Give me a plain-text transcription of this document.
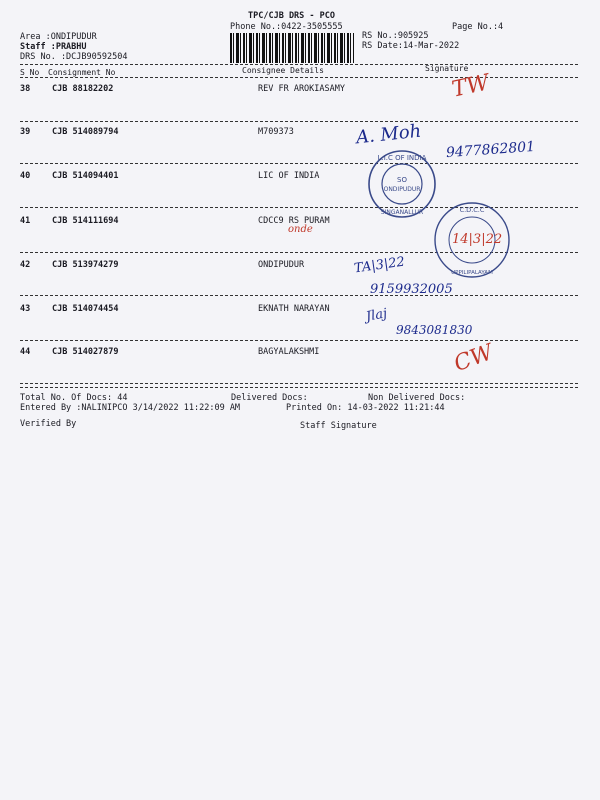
TPC/CJB DRS - PCO
Phone No.:0422-3505555	Page No.:4
Area :ONDIPUDUR
Staff :PRABHU
DRS No. :DCJB90592504
RS No.:905925
RS Date:14-Mar-2022
S No Consignment No	Consignee Details	Signature
38	CJB 88182202	REV FR AROKIASAMY
39	CJB 514089794	M709373
40	CJB 514094401	LIC OF INDIA
41	CJB 514111694	CDCC9 RS PURAM
42	CJB 513974279	ONDIPUDUR
43	CJB 514074454	EKNATH NARAYAN
44	CJB 514027879	BAGYALAKSHMI
Total No. Of Docs: 44	Delivered Docs:	Non Delivered Docs:
Entered By :NALINIPCO 3/14/2022 11:22:09 AM	Printed On: 14-03-2022 11:21:44
Verified By	Staff Signature
L.I.C OF INDIA
SO
ONDIPUDUR
SINGANALLUR	C.D.C.C
UPPILIPALAYAM
TW
A. Moh
9477862801
onde
14|3|22
TA|3|22
9159932005
Jlaj
9843081830
CW
